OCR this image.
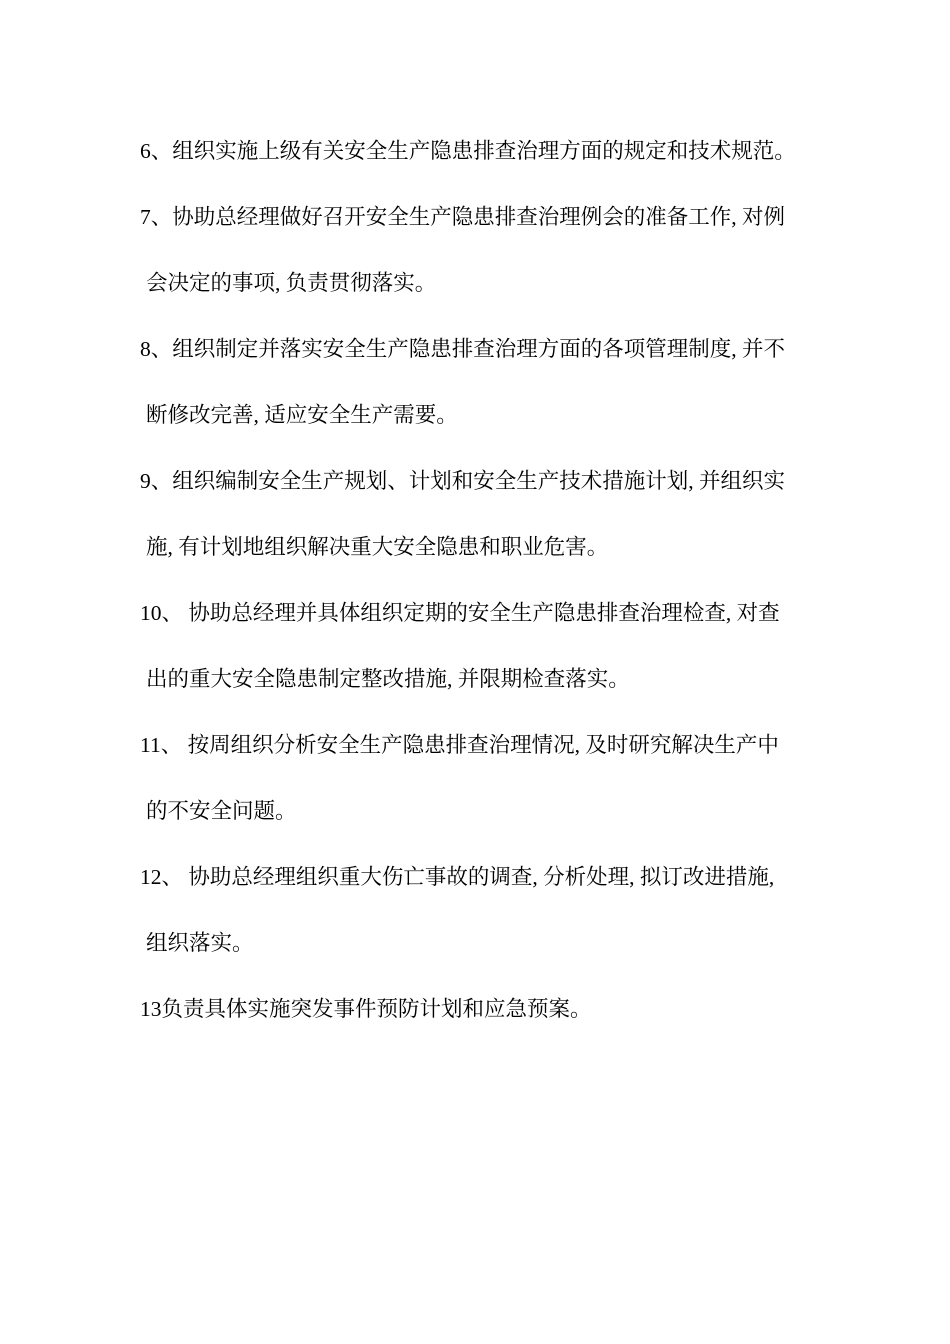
6、组织实施上级有关安全生产隐患排查治理方面的规定和技术规范。
7、协助总经理做好召开安全生产隐患排查治理例会的准备工作, 对例
会决定的事项, 负责贯彻落实。
8、组织制定并落实安全生产隐患排查治理方面的各项管理制度, 并不
断修改完善, 适应安全生产需要。
9、组织编制安全生产规划、计划和安全生产技术措施计划, 并组织实
施, 有计划地组织解决重大安全隐患和职业危害。
10、 协助总经理并具体组织定期的安全生产隐患排查治理检查, 对查
出的重大安全隐患制定整改措施, 并限期检查落实。
11、 按周组织分析安全生产隐患排查治理情况, 及时研究解决生产中
的不安全问题。
12、 协助总经理组织重大伤亡事故的调查, 分析处理, 拟订改进措施,
组织落实。
13负责具体实施突发事件预防计划和应急预案。
